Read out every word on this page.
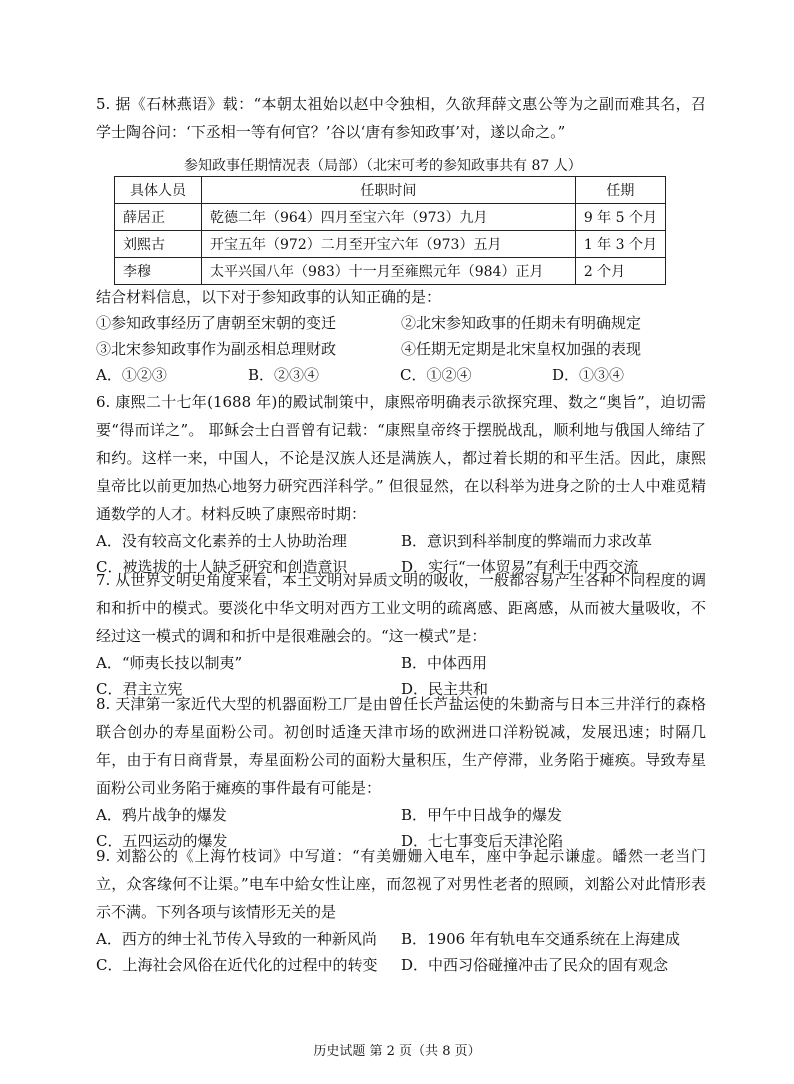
5. 据《石林燕语》载：“本朝太祖始以赵中令独相，久欲拜薛文惠公等为之副而难其名，召学士陶谷问：‘下丞相一等有何官？’谷以‘唐有参知政事’对，遂以命之。”
参知政事任期情况表（局部）（北宋可考的参知政事共有 87 人）
具体人员	任职时间	任期
薛居正	乾德二年（964）四月至宝六年（973）九月	9 年 5 个月
刘熙古	开宝五年（972）二月至开宝六年（973）五月	1 年 3 个月
李穆	太平兴国八年（983）十一月至雍熙元年（984）正月	2 个月
结合材料信息，以下对于参知政事的认知正确的是：
①参知政事经历了唐朝至宋朝的变迁	②北宋参知政事的任期未有明确规定
③北宋参知政事作为副丞相总理财政	④任期无定期是北宋皇权加强的表现
A．①②③	B．②③④	C．①②④	D．①③④
6. 康熙二十七年(1688 年)的殿试制策中，康熙帝明确表示欲探究理、数之“奥旨”，迫切需要“得而详之”。 耶稣会士白晋曾有记载：“康熙皇帝终于摆脱战乱，顺利地与俄国人缔结了和约。这样一来，中国人，不论是汉族人还是满族人，都过着长期的和平生活。因此，康熙皇帝比以前更加热心地努力研究西洋科学。” 但很显然，在以科举为进身之阶的士人中难觅精通数学的人才。材料反映了康熙帝时期：
A．没有较高文化素养的士人协助治理	B．意识到科举制度的弊端而力求改革
C．被选拔的士人缺乏研究和创造意识	D．实行“一体贸易”有利于中西交流
7. 从世界文明史角度来看，本土文明对异质文明的吸收，一般都容易产生各种不同程度的调和和折中的模式。要淡化中华文明对西方工业文明的疏离感、距离感，从而被大量吸收，不经过这一模式的调和和折中是很难融会的。“这一模式”是：
A．“师夷长技以制夷”	B．中体西用
C．君主立宪	D．民主共和
8. 天津第一家近代大型的机器面粉工厂是由曾任长芦盐运使的朱勤斋与日本三井洋行的森格联合创办的寿星面粉公司。初创时适逢天津市场的欧洲进口洋粉锐减，发展迅速；时隔几年，由于有日商背景，寿星面粉公司的面粉大量积压，生产停滞，业务陷于瘫痪。导致寿星面粉公司业务陷于瘫痪的事件最有可能是：
A．鸦片战争的爆发	B．甲午中日战争的爆发
C．五四运动的爆发	D．七七事变后天津沦陷
9. 刘豁公的《上海竹枝词》中写道：“有美姗姗入电车，座中争起示谦虚。皤然一老当门立，众客缘何不让渠。”电车中給女性让座，而忽视了对男性老者的照顾，刘豁公对此情形表示不满。下列各项与该情形无关的是
A．西方的绅士礼节传入导致的一种新风尚	B．1906 年有轨电车交通系统在上海建成
C．上海社会风俗在近代化的过程中的转变	D．中西习俗碰撞冲击了民众的固有观念
历史试题 第 2 页（共 8 页）
